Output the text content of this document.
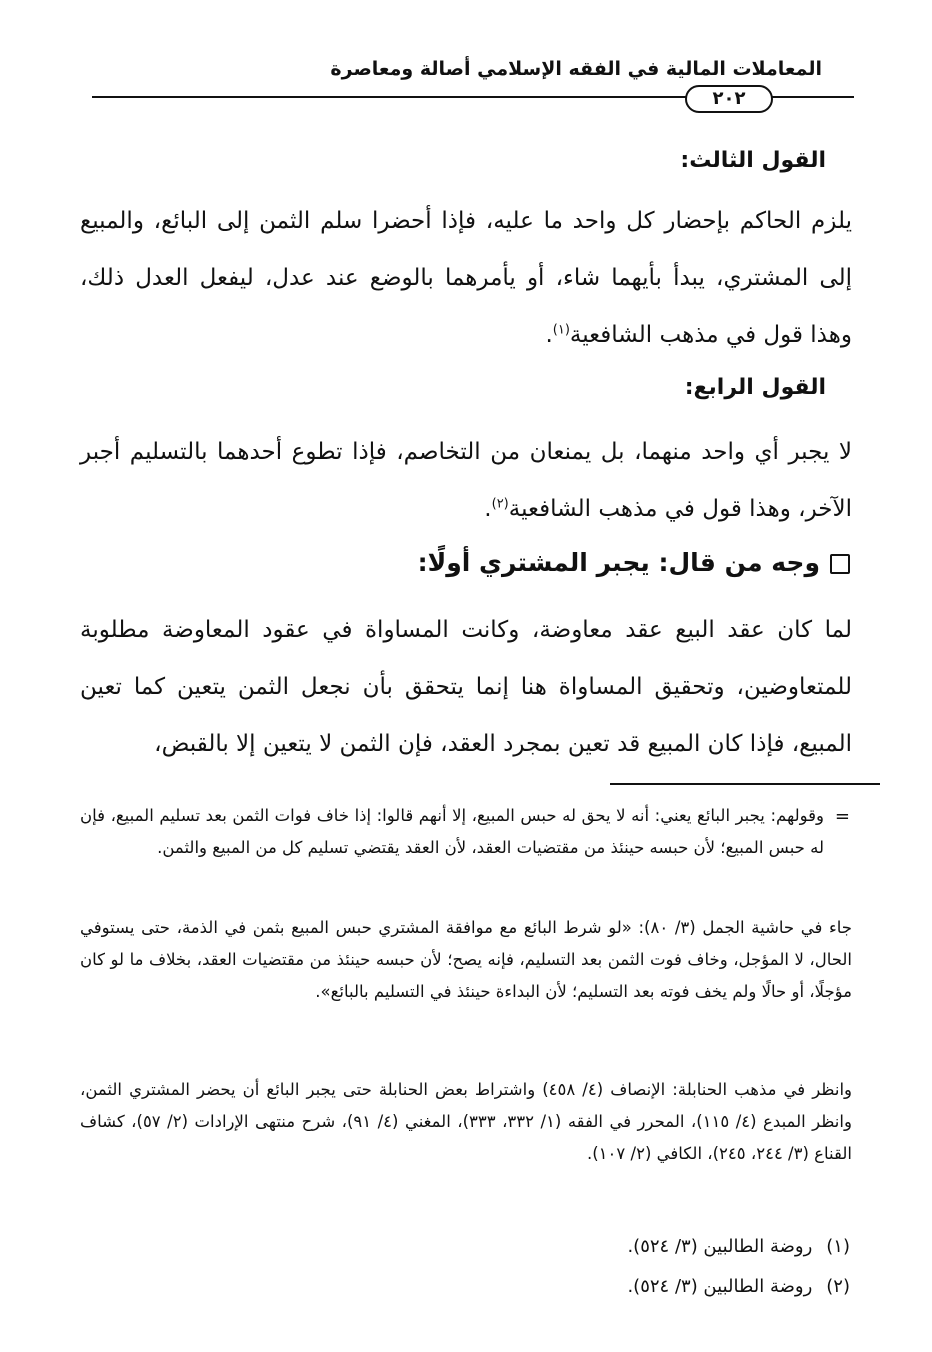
المعاملات المالية في الفقه الإسلامي أصالة ومعاصرة
٢٠٢
القول الثالث:
يلزم الحاكم بإحضار كل واحد ما عليه، فإذا أحضرا سلم الثمن إلى البائع، والمبيع إلى المشتري، يبدأ بأيهما شاء، أو يأمرهما بالوضع عند عدل، ليفعل العدل ذلك، وهذا قول في مذهب الشافعية$^{(١)}$.
القول الرابع:
لا يجبر أي واحد منهما، بل يمنعان من التخاصم، فإذا تطوع أحدهما بالتسليم أجبر الآخر، وهذا قول في مذهب الشافعية$^{(٢)}$.
وجه من قال: يجبر المشتري أولًا:
لما كان عقد البيع عقد معاوضة، وكانت المساواة في عقود المعاوضة مطلوبة للمتعاوضين، وتحقيق المساواة هنا إنما يتحقق بأن نجعل الثمن يتعين كما تعين المبيع، فإذا كان المبيع قد تعين بمجرد العقد، فإن الثمن لا يتعين إلا بالقبض،
=

وقولهم: يجبر البائع يعني: أنه لا يحق له حبس المبيع، إلا أنهم قالوا: إذا خاف فوات الثمن بعد تسليم المبيع، فإن له حبس المبيع؛ لأن حبسه حينئذ من مقتضيات العقد، لأن العقد يقتضي تسليم كل من المبيع والثمن.

جاء في حاشية الجمل (٣/ ٨٠): «لو شرط البائع مع موافقة المشتري حبس المبيع بثمن في الذمة، حتى يستوفي الحال، لا المؤجل، وخاف فوت الثمن بعد التسليم، فإنه يصح؛ لأن حبسه حينئذ من مقتضيات العقد، بخلاف ما لو كان مؤجلًا، أو حالًا ولم يخف فوته بعد التسليم؛ لأن البداءة حينئذ في التسليم بالبائع».

وانظر في مذهب الحنابلة: الإنصاف (٤/ ٤٥٨) واشتراط بعض الحنابلة حتى يجبر البائع أن يحضر المشتري الثمن، وانظر المبدع (٤/ ١١٥)، المحرر في الفقه (١/ ٣٣٢، ٣٣٣)، المغني (٤/ ٩١)، شرح منتهى الإرادات (٢/ ٥٧)، كشاف القناع (٣/ ٢٤٤، ٢٤٥)، الكافي (٢/ ١٠٧).

(١)روضة الطالبين (٣/ ٥٢٤).
(٢)روضة الطالبين (٣/ ٥٢٤).
